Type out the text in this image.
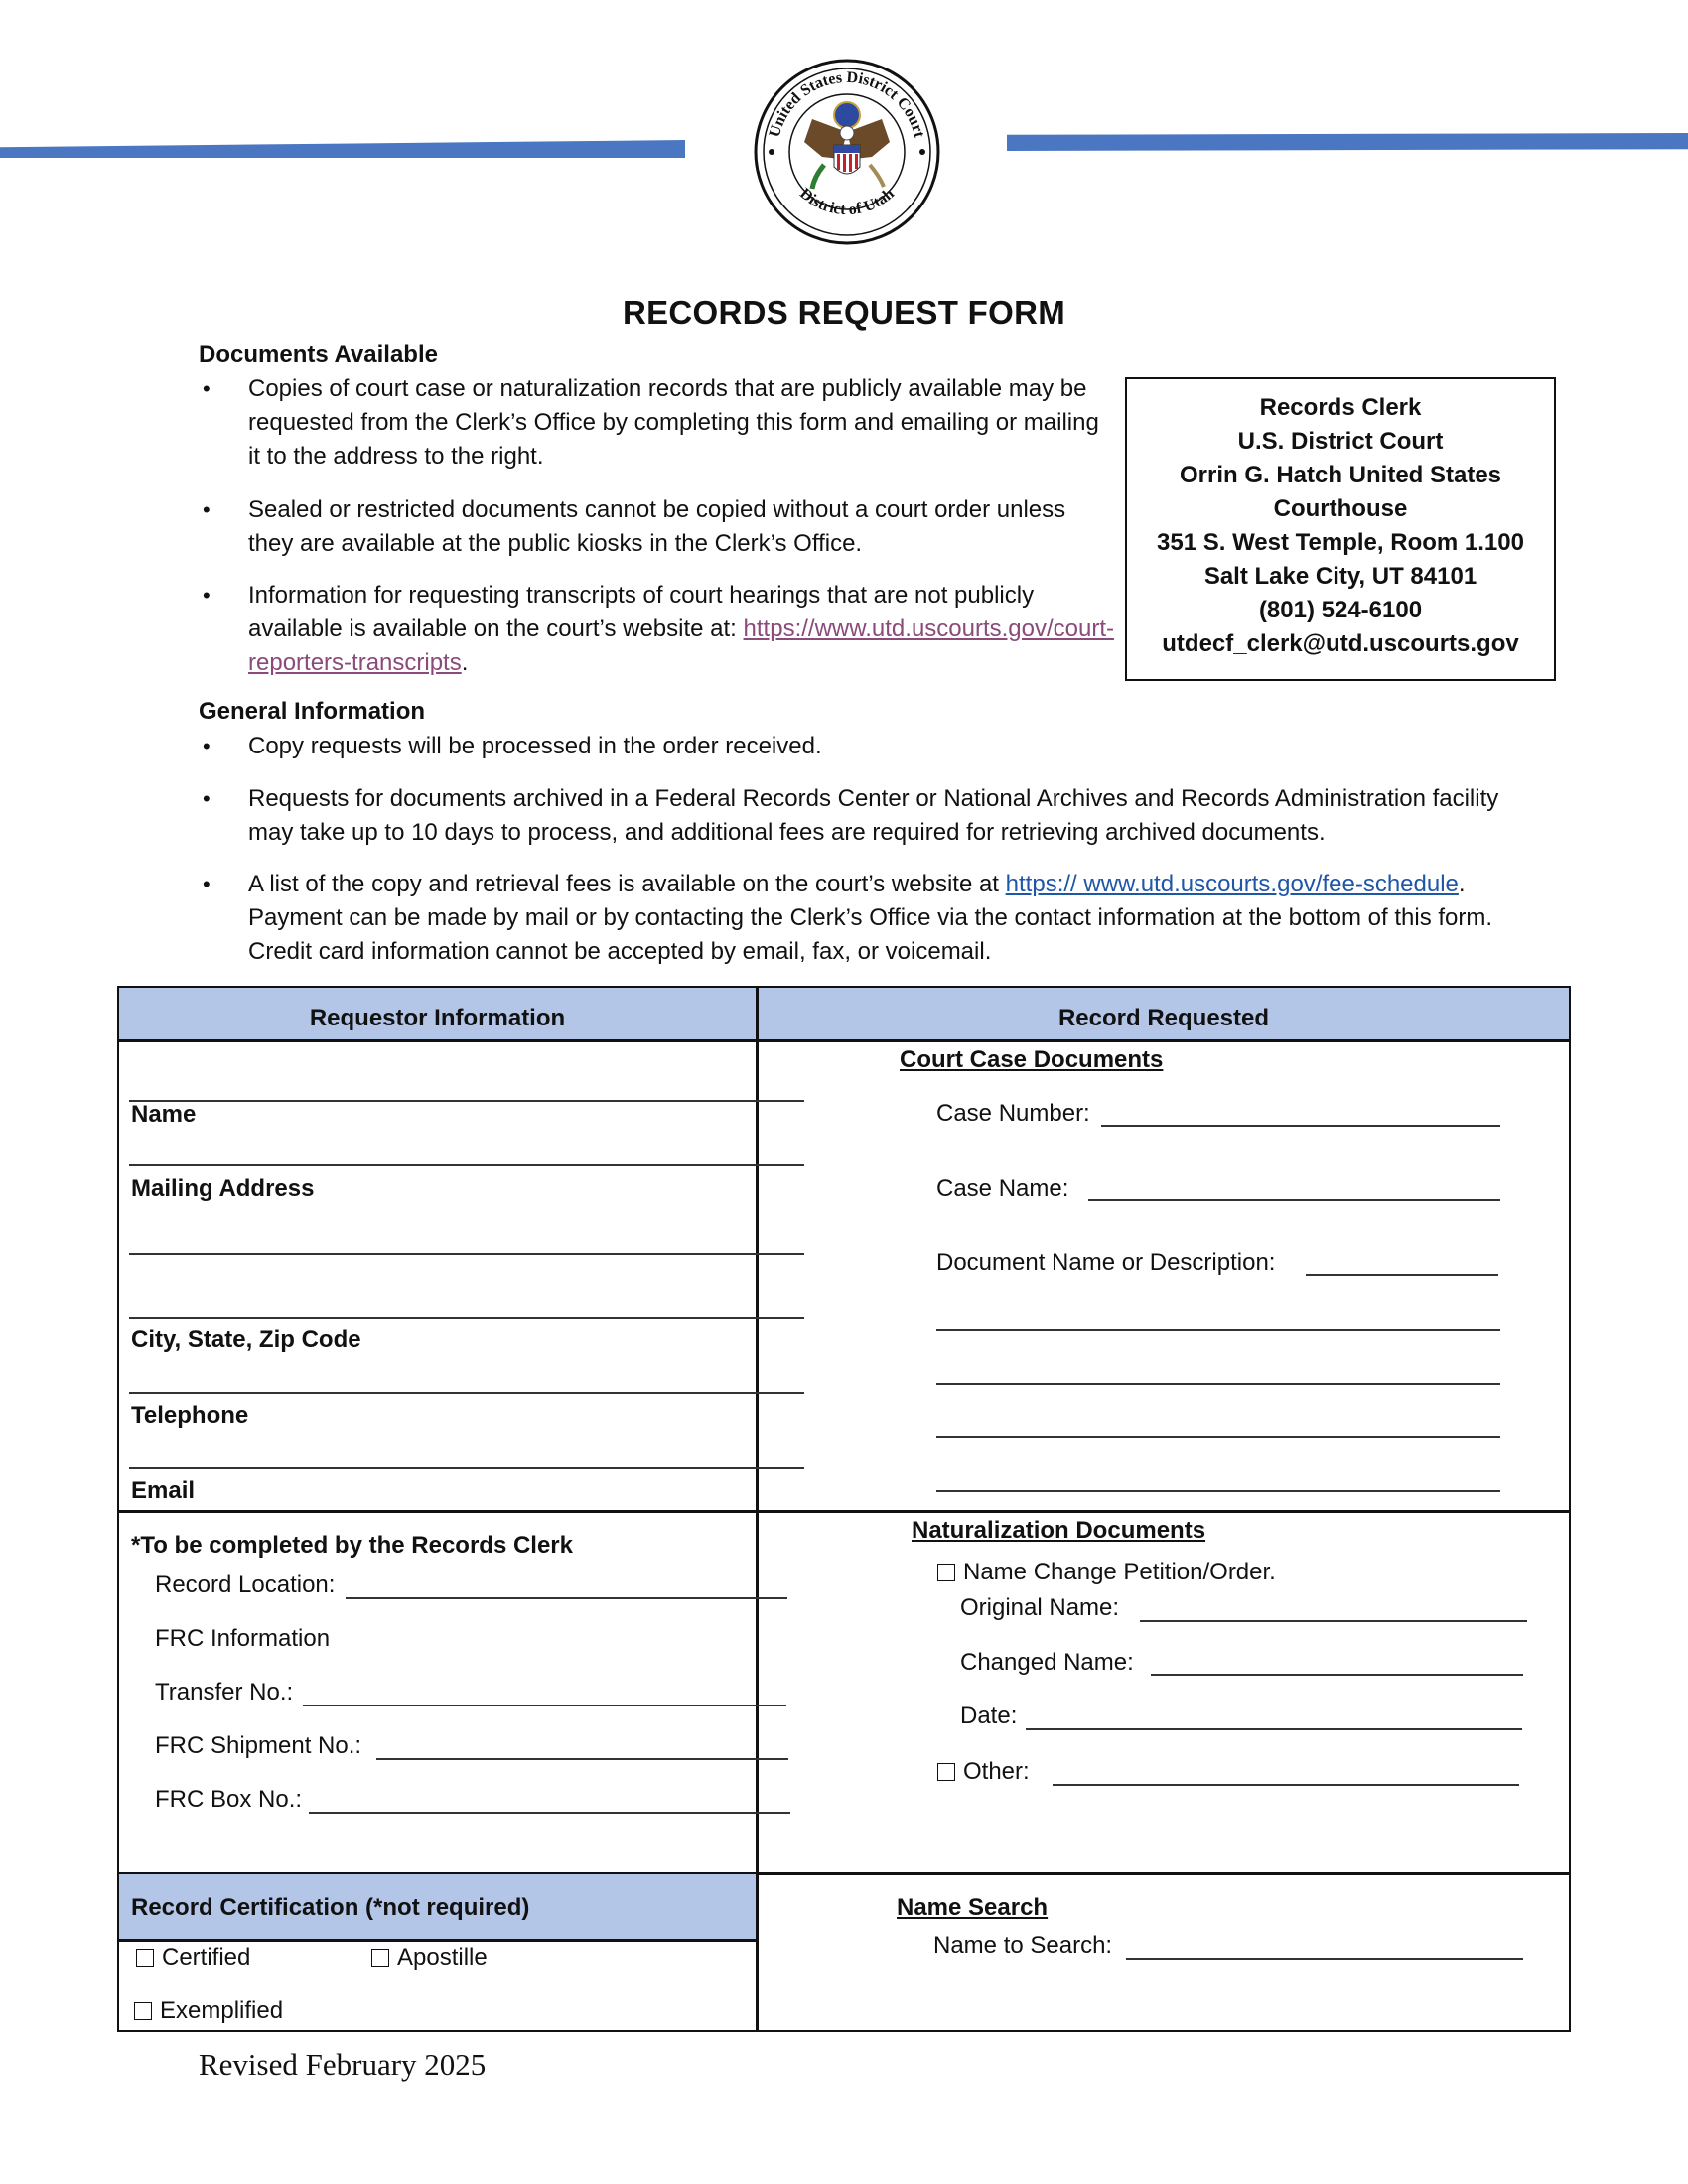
United States District Court
District of Utah
RECORDS REQUEST FORM
Documents Available
• Copies of court case or naturalization records that are publicly available may be requested from the Clerk’s Office by completing this form and emailing or mailing it to the address to the right.
• Sealed or restricted documents cannot be copied without a court order unless they are available at the public kiosks in the Clerk’s Office.
• Information for requesting transcripts of court hearings that are not publicly available is available on the court’s website at: https://www.utd.uscourts.gov/court-reporters-transcripts.
Records Clerk
U.S. District Court
Orrin G. Hatch United States
Courthouse
351 S. West Temple, Room 1.100
Salt Lake City, UT 84101
(801) 524-6100
utdecf_clerk@utd.uscourts.gov
General Information
• Copy requests will be processed in the order received.
• Requests for documents archived in a Federal Records Center or National Archives and Records Administration facility may take up to 10 days to process, and additional fees are required for retrieving archived documents.
• A list of the copy and retrieval fees is available on the court’s website at https:// www.utd.uscourts.gov/fee-schedule. Payment can be made by mail or by contacting the Clerk’s Office via the contact information at the bottom of this form. Credit card information cannot be accepted by email, fax, or voicemail.
Requestor Information	Record Requested
Name
Mailing Address
City, State, Zip Code
Telephone
Email
Court Case Documents
Case Number:
Case Name:
Document Name or Description:
*To be completed by the Records Clerk
Record Location:
FRC Information
Transfer No.:
FRC Shipment No.:
FRC Box No.:
Naturalization Documents
Name Change Petition/Order.
Original Name:
Changed Name:
Date:
Other:
Record Certification (*not required)
Certified	Apostille
Exemplified
Name Search
Name to Search:
Revised February 2025
